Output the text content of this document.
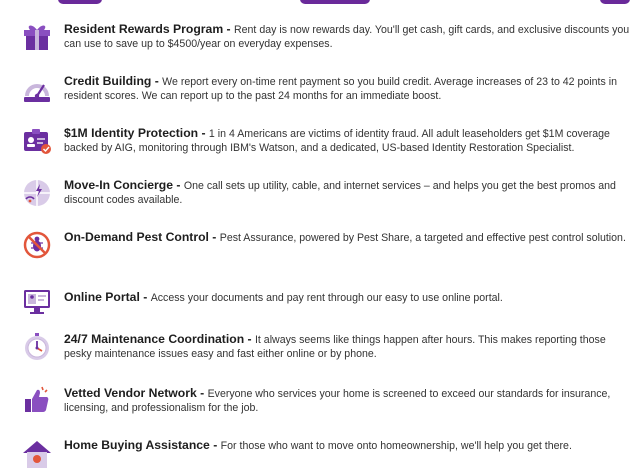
Resident Rewards Program - Rent day is now rewards day. You'll get cash, gift cards, and exclusive discounts you can use to save up to $4500/year on everyday expenses.
Credit Building - We report every on-time rent payment so you build credit. Average increases of 23 to 42 points in resident scores. We can report up to the past 24 months for an immediate boost.
$1M Identity Protection - 1 in 4 Americans are victims of identity fraud. All adult leaseholders get $1M coverage backed by AIG, monitoring through IBM's Watson, and a dedicated, US-based Identity Restoration Specialist.
Move-In Concierge - One call sets up utility, cable, and internet services – and helps you get the best promos and discount codes available.
On-Demand Pest Control - Pest Assurance, powered by Pest Share, a targeted and effective pest control solution.
Online Portal - Access your documents and pay rent through our easy to use online portal.
24/7 Maintenance Coordination - It always seems like things happen after hours. This makes reporting those pesky maintenance issues easy and fast either online or by phone.
Vetted Vendor Network - Everyone who services your home is screened to exceed our standards for insurance, licensing, and professionalism for the job.
Home Buying Assistance - For those who want to move onto homeownership, we'll help you get there.
